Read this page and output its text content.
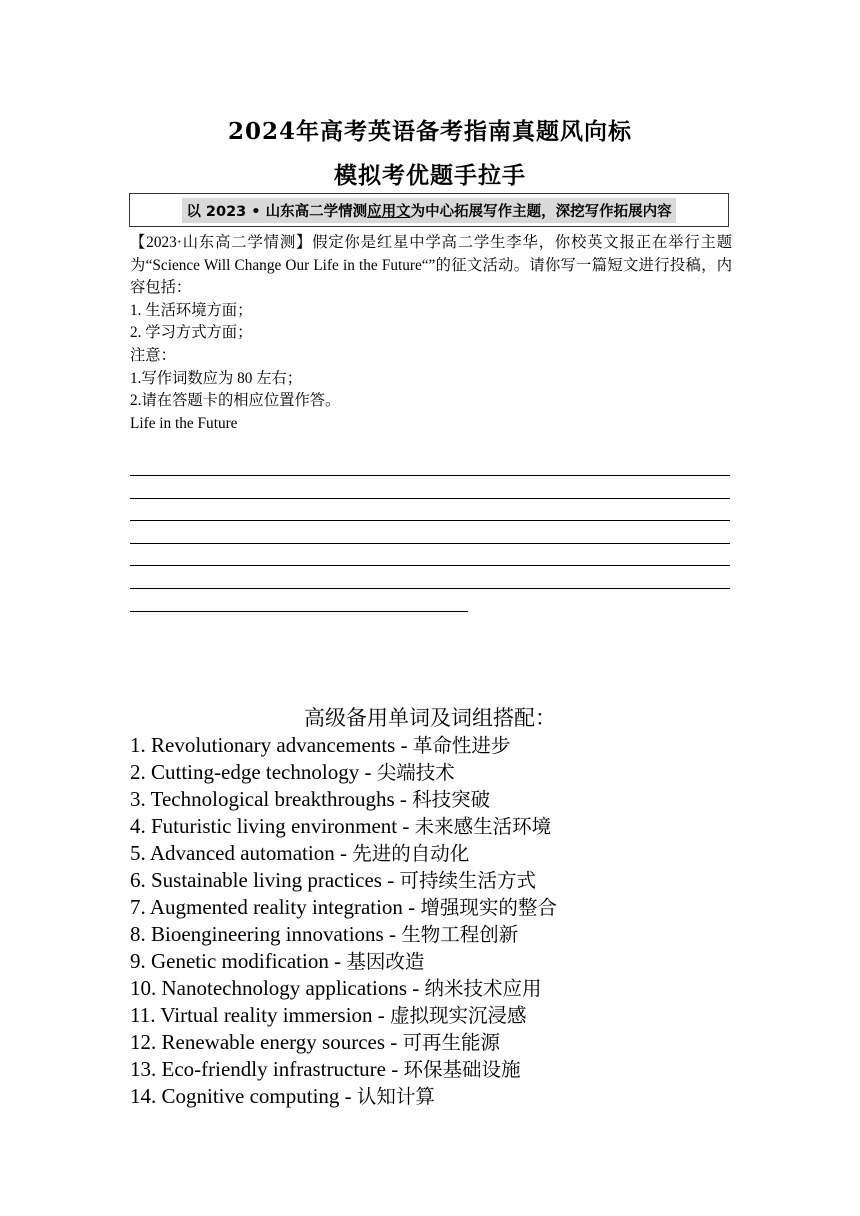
2024年高考英语备考指南真题风向标
模拟考优题手拉手
以 2023 • 山东高二学情测应用文为中心拓展写作主题，深挖写作拓展内容

【2023·山东高二学情测】假定你是红星中学高二学生李华，你校英文报正在举行主题为“Science Will Change Our Life in the Future“”的征文活动。请你写一篇短文进行投稿，内容包括：

1. 生活环境方面；

2. 学习方式方面；

注意：

1.写作词数应为 80 左右；

2.请在答题卡的相应位置作答。

Life in the Future

高级备用单词及词组搭配：
1. Revolutionary advancements - 革命性进步
2. Cutting-edge technology - 尖端技术
3. Technological breakthroughs - 科技突破
4. Futuristic living environment - 未来感生活环境
5. Advanced automation - 先进的自动化
6. Sustainable living practices - 可持续生活方式
7. Augmented reality integration - 增强现实的整合
8. Bioengineering innovations - 生物工程创新
9. Genetic modification - 基因改造
10. Nanotechnology applications - 纳米技术应用
11. Virtual reality immersion - 虚拟现实沉浸感
12. Renewable energy sources - 可再生能源
13. Eco-friendly infrastructure - 环保基础设施
14. Cognitive computing - 认知计算
